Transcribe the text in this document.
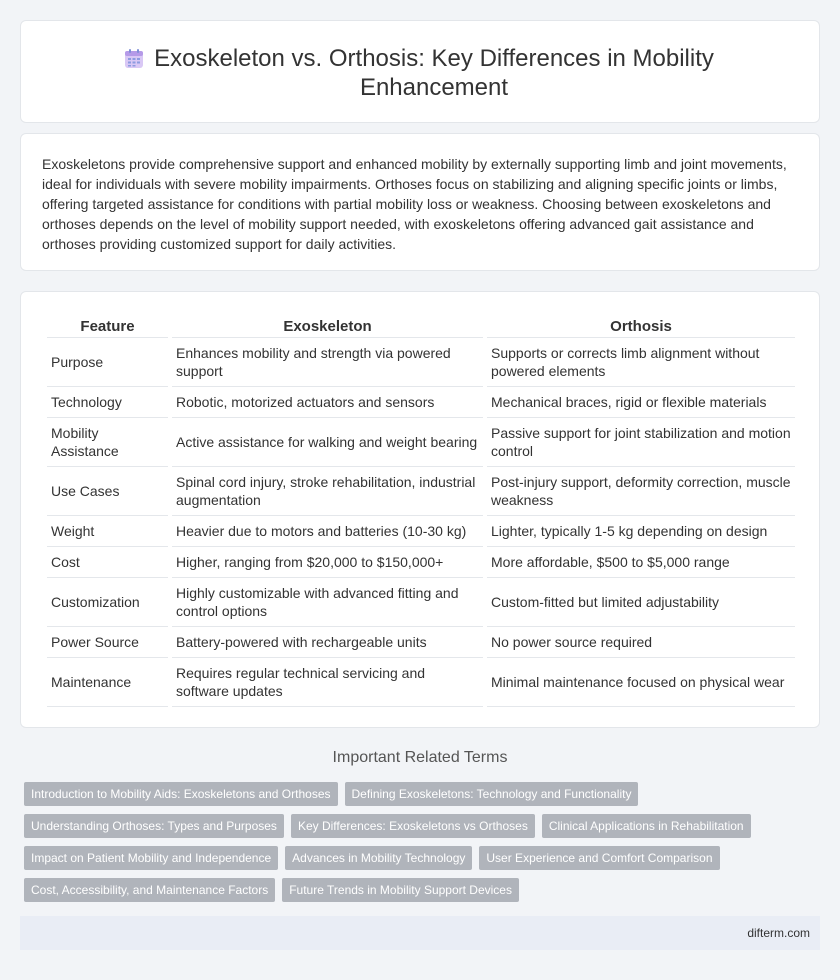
Exoskeleton vs. Orthosis: Key Differences in Mobility Enhancement

Exoskeletons provide comprehensive support and enhanced mobility by externally supporting limb and joint movements, ideal for individuals with severe mobility impairments. Orthoses focus on stabilizing and aligning specific joints or limbs, offering targeted assistance for conditions with partial mobility loss or weakness. Choosing between exoskeletons and orthoses depends on the level of mobility support needed, with exoskeletons offering advanced gait assistance and orthoses providing customized support for daily activities.

Feature	Exoskeleton	Orthosis
Purpose	Enhances mobility and strength via powered support	Supports or corrects limb alignment without powered elements
Technology	Robotic, motorized actuators and sensors	Mechanical braces, rigid or flexible materials
Mobility Assistance	Active assistance for walking and weight bearing	Passive support for joint stabilization and motion control
Use Cases	Spinal cord injury, stroke rehabilitation, industrial augmentation	Post-injury support, deformity correction, muscle weakness
Weight	Heavier due to motors and batteries (10-30 kg)	Lighter, typically 1-5 kg depending on design
Cost	Higher, ranging from $20,000 to $150,000+	More affordable, $500 to $5,000 range
Customization	Highly customizable with advanced fitting and control options	Custom-fitted but limited adjustability
Power Source	Battery-powered with rechargeable units	No power source required
Maintenance	Requires regular technical servicing and software updates	Minimal maintenance focused on physical wear
Important Related Terms
Introduction to Mobility Aids: Exoskeletons and Orthoses	Defining Exoskeletons: Technology and Functionality
Understanding Orthoses: Types and Purposes	Key Differences: Exoskeletons vs Orthoses	Clinical Applications in Rehabilitation
Impact on Patient Mobility and Independence	Advances in Mobility Technology	User Experience and Comfort Comparison
Cost, Accessibility, and Maintenance Factors	Future Trends in Mobility Support Devices
difterm.com
